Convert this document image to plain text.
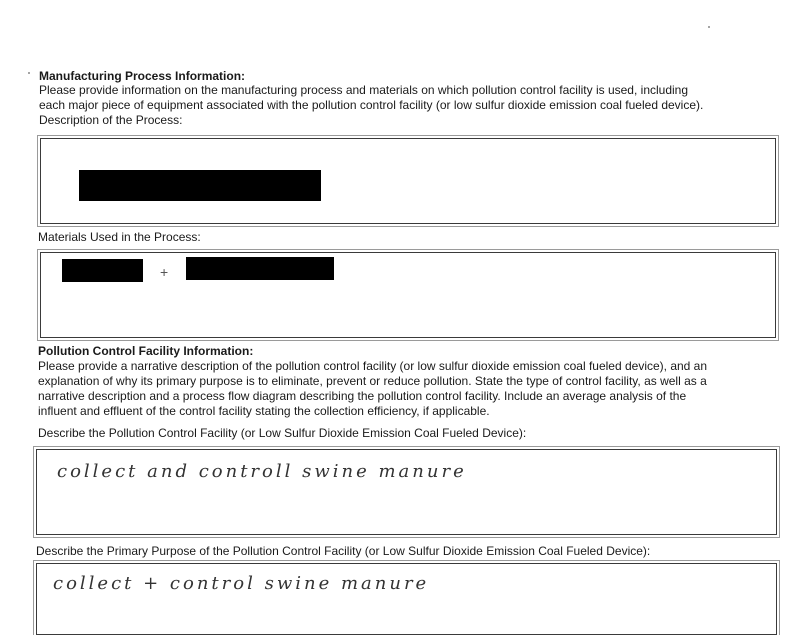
Manufacturing Process Information:
Please provide information on the manufacturing process and materials on which pollution control facility is used, including
each major piece of equipment associated with the pollution control facility (or low sulfur dioxide emission coal fueled device).
Description of the Process:
Materials Used in the Process:
+
Pollution Control Facility Information:
Please provide a narrative description of the pollution control facility (or low sulfur dioxide emission coal fueled device), and an
explanation of why its primary purpose is to eliminate, prevent or reduce pollution. State the type of control facility, as well as a
narrative description and a process flow diagram describing the pollution control facility. Include an average analysis of the
influent and effluent of the control facility stating the collection efficiency, if applicable.
Describe the Pollution Control Facility (or Low Sulfur Dioxide Emission Coal Fueled Device):
collect and controll swine manure
Describe the Primary Purpose of the Pollution Control Facility (or Low Sulfur Dioxide Emission Coal Fueled Device):
collect + control swine manure
